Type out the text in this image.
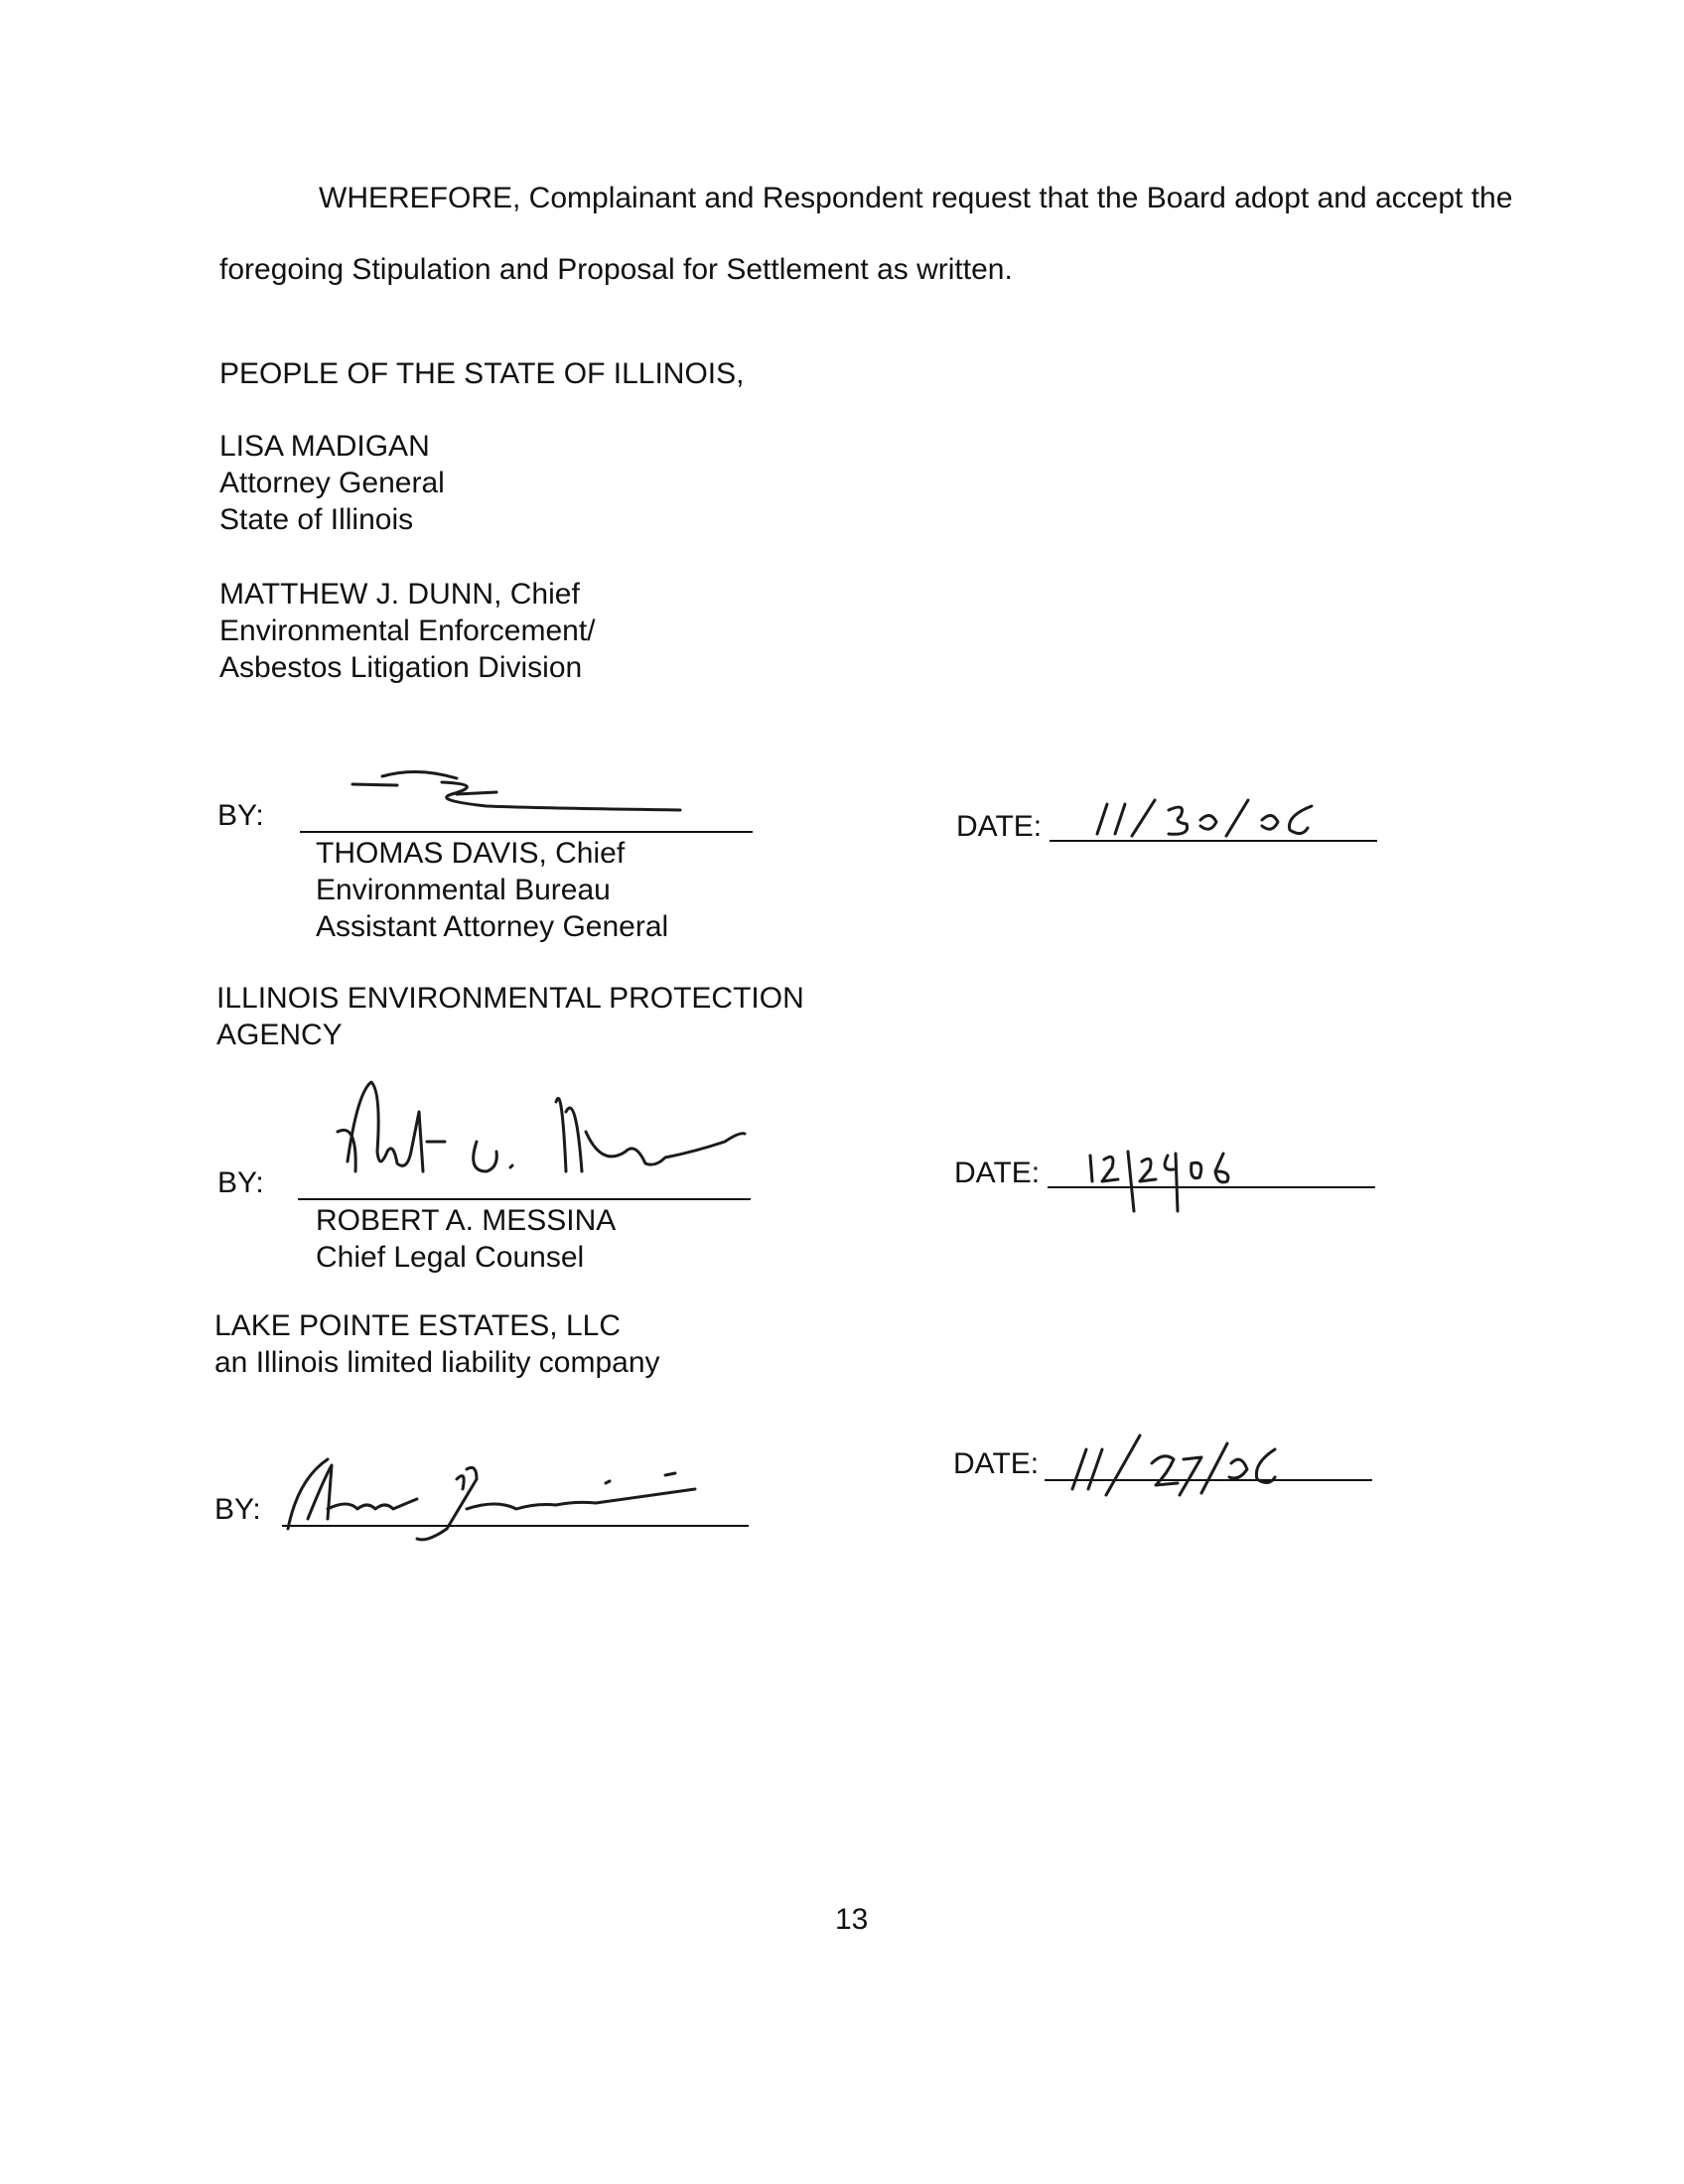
WHEREFORE, Complainant and Respondent request that the Board adopt and accept the
foregoing Stipulation and Proposal for Settlement as written.
PEOPLE OF THE STATE OF ILLINOIS,
LISA MADIGAN
Attorney General
State of Illinois
MATTHEW J. DUNN, Chief
Environmental Enforcement/
Asbestos Litigation Division
BY:
THOMAS DAVIS, Chief
Environmental Bureau
Assistant Attorney General
DATE:
ILLINOIS ENVIRONMENTAL PROTECTION
AGENCY
BY:
ROBERT A. MESSINA
Chief Legal Counsel
DATE:
LAKE POINTE ESTATES, LLC
an Illinois limited liability company
BY:
DATE:
13
